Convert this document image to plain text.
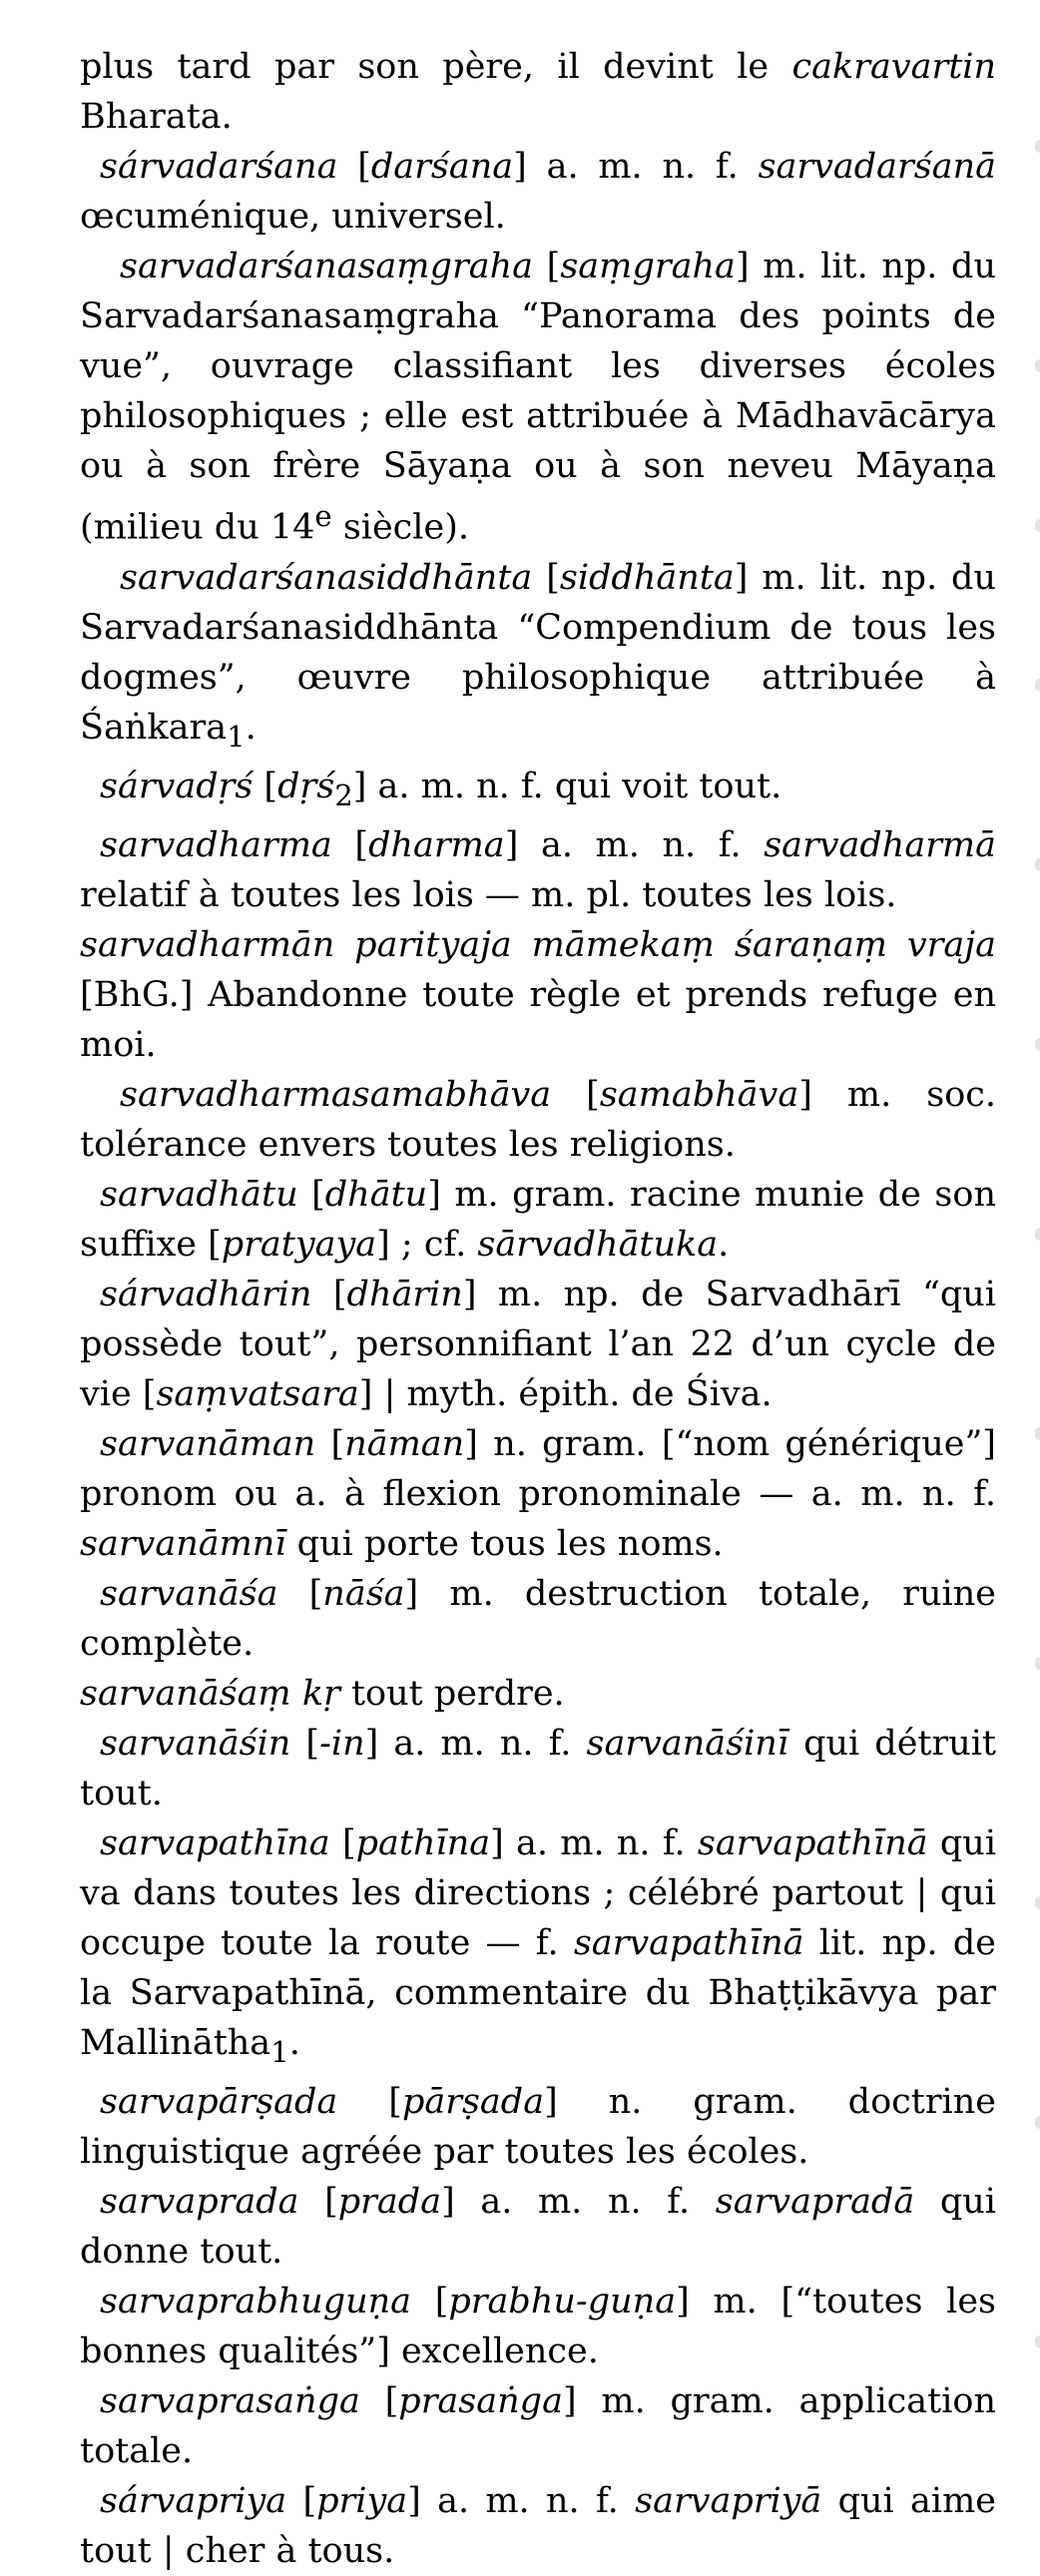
plus tard par son père, il devint le cakravartin Bharata.

sárvadarśana [darśana] a. m. n. f. sarvadarśanā œcuménique, universel.

sarvadarśanasaṃgraha [saṃgraha] m. lit. np. du Sarvadarśanasaṃgraha “Panorama des points de vue”, ouvrage classifiant les diverses écoles philosophiques ; elle est attribuée à Mādhavācārya ou à son frère Sāyaṇa ou à son neveu Māyaṇa (milieu du 14e siècle).

sarvadarśanasiddhānta [siddhānta] m. lit. np. du Sarvadarśanasiddhānta “Compendium de tous les dogmes”, œuvre philosophique attribuée à Śaṅkara$_1$.

sárvadṛś [dṛś$_2$] a. m. n. f. qui voit tout.

sarvadharma [dharma] a. m. n. f. sarvadharmā relatif à toutes les lois — m. pl. toutes les lois.

sarvadharmān parityaja māmekaṃ śaraṇaṃ vraja [BhG.] Abandonne toute règle et prends refuge en moi.

sarvadharmasamabhāva [samabhāva] m. soc. tolérance envers toutes les religions.

sarvadhātu [dhātu] m. gram. racine munie de son suffixe [pratyaya] ; cf. sārvadhātuka.

sárvadhārin [dhārin] m. np. de Sarvadhārī “qui possède tout”, personnifiant l’an 22 d’un cycle de vie [saṃvatsara] | myth. épith. de Śiva.

sarvanāman [nāman] n. gram. [“nom générique”] pronom ou a. à flexion pronominale — a. m. n. f. sarvanāmnī qui porte tous les noms.

sarvanāśa [nāśa] m. destruction totale, ruine complète.

sarvanāśaṃ kṛ tout perdre.

sarvanāśin [-in] a. m. n. f. sarvanāśinī qui détruit tout.

sarvapathīna [pathīna] a. m. n. f. sarvapathīnā qui va dans toutes les directions ; célébré partout | qui occupe toute la route — f. sarvapathīnā lit. np. de la Sarvapathīnā, commentaire du Bhaṭṭikāvya par Mallinātha$_1$.

sarvapārṣada [pārṣada] n. gram. doctrine linguistique agréée par toutes les écoles.

sarvaprada [prada] a. m. n. f. sarvapradā qui donne tout.

sarvaprabhuguṇa [prabhu-guṇa] m. [“toutes les bonnes qualités”] excellence.

sarvaprasaṅga [prasaṅga] m. gram. application totale.

sárvapriya [priya] a. m. n. f. sarvapriyā qui aime tout | cher à tous.
